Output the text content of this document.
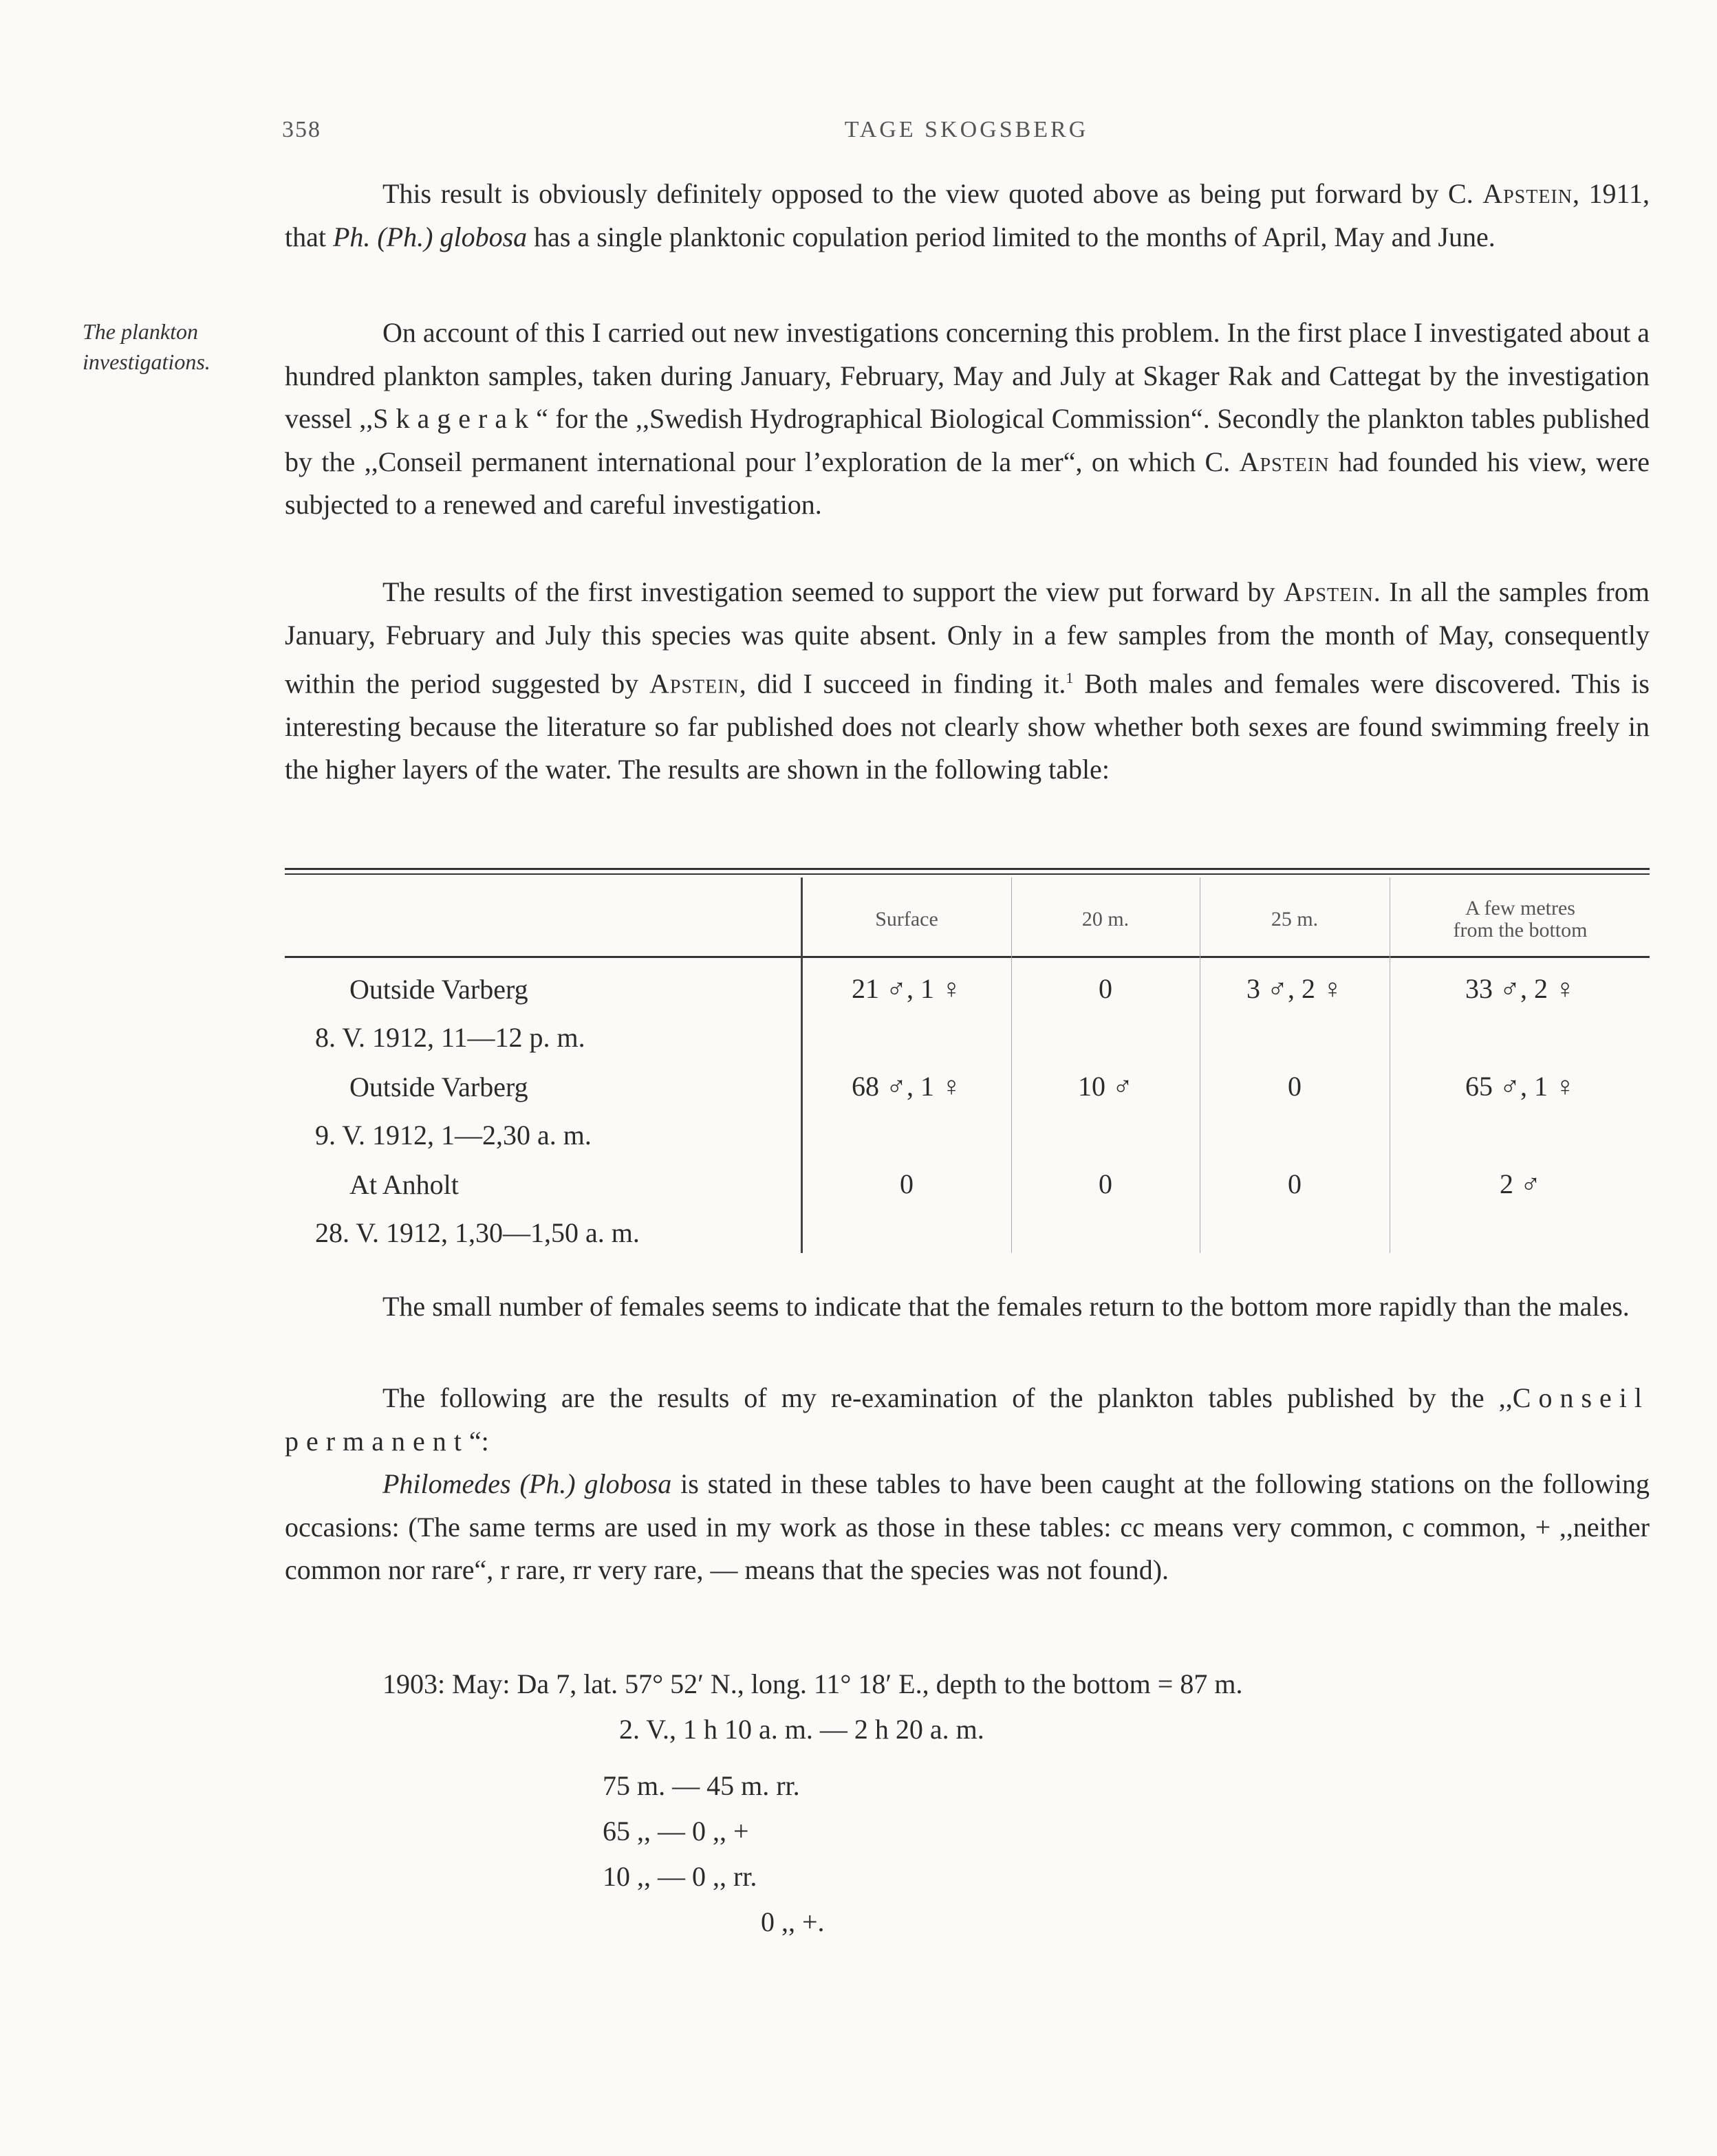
358	TAGE SKOGSBERG
The plankton
investigations.

This result is obviously definitely opposed to the view quoted above as being put forward by C. Apstein, 1911, that Ph. (Ph.) globosa has a single planktonic copulation period limited to the months of April, May and June.

On account of this I carried out new investigations concerning this problem. In the first place I investigated about a hundred plankton samples, taken during January, February, May and July at Skager Rak and Cattegat by the investigation vessel ,,Skagerak“ for the ,,Swedish Hydrographical Biological Commission“. Secondly the plankton tables published by the ,,Conseil permanent international pour l’exploration de la mer“, on which C. Apstein had founded his view, were subjected to a renewed and careful investigation.

The results of the first investigation seemed to support the view put forward by Apstein. In all the samples from January, February and July this species was quite absent. Only in a few samples from the month of May, consequently within the period suggested by Apstein, did I succeed in finding it.$^1$ Both males and females were discovered. This is interesting because the literature so far published does not clearly show whether both sexes are found swimming freely in the higher layers of the water. The results are shown in the following table:

Surface	20 m.	25 m.	A few metres
from the bottom
Outside Varberg
8. V. 1912, 11—12 p. m.
21 ♂, 1 ♀	0	3 ♂, 2 ♀	33 ♂, 2 ♀
Outside Varberg
9. V. 1912, 1—2,30 a. m.
68 ♂, 1 ♀	10 ♂	0	65 ♂, 1 ♀
At Anholt
28. V. 1912, 1,30—1,50 a. m.
0	0	0	2 ♂

The small number of females seems to indicate that the females return to the bottom more rapidly than the males.

The following are the results of my re-examination of the plankton tables published by the ,,Conseil permanent“:

Philomedes (Ph.) globosa is stated in these tables to have been caught at the following stations on the following occasions: (The same terms are used in my work as those in these tables: cc means very common, c common, + ,,neither common nor rare“, r rare, rr very rare, — means that the species was not found).

1903: May: Da 7, lat. 57° 52′ N., long. 11° 18′ E., depth to the bottom = 87 m.
2. V., 1 h 10 a. m. — 2 h 20 a. m.
75 m. — 45 m. rr.
65 ,, — 0 ,, +
10 ,, — 0 ,, rr.
0 ,, +.
